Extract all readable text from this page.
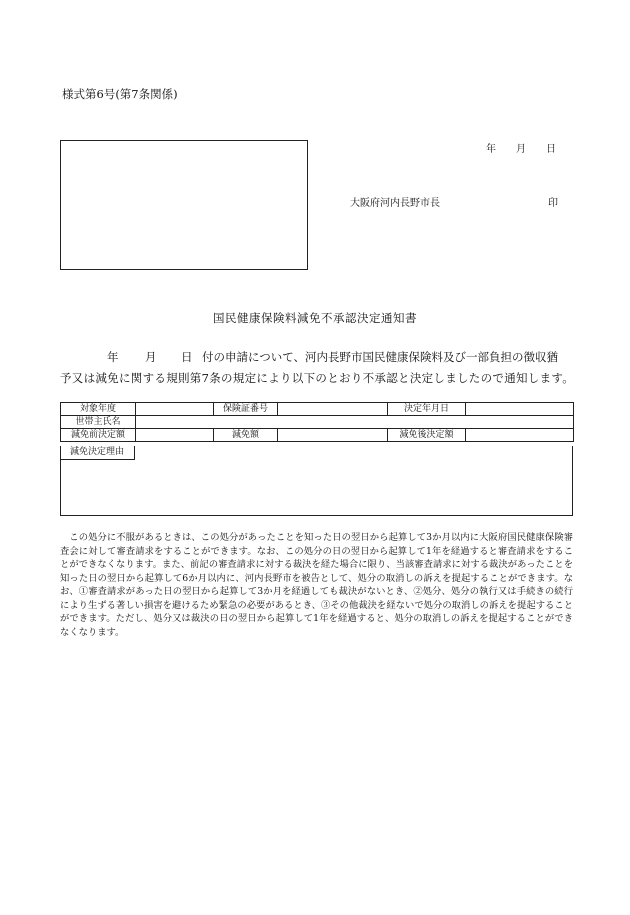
様式第6号(第7条関係)
年 月 日
大阪府河内長野市長	印
国民健康保険料減免不承認決定通知書
年 月 日 付の申請について、河内長野市国民健康保険料及び一部負担の徴収猶
予又は減免に関する規則第7条の規定により以下のとおり不承認と決定しましたので通知します。
対象年度		保険証番号		決定年月日	
世帯主氏名					
減免前決定額		減免額		減免後決定額	
減免決定理由

この処分に不服があるときは、この処分があったことを知った日の翌日から起算して3か月以内に大阪府国民健康保険審査会に対して審査請求をすることができます。なお、この処分の日の翌日から起算して1年を経過すると審査請求をすることができなくなります。また、前記の審査請求に対する裁決を経た場合に限り、当該審査請求に対する裁決があったことを知った日の翌日から起算して6か月以内に、河内長野市を被告として、処分の取消しの訴えを提起することができます。なお、①審査請求があった日の翌日から起算して3か月を経過しても裁決がないとき、②処分、処分の執行又は手続きの続行により生ずる著しい損害を避けるため緊急の必要があるとき、③その他裁決を経ないで処分の取消しの訴えを提起することができます。ただし、処分又は裁決の日の翌日から起算して1年を経過すると、処分の取消しの訴えを提起することができなくなります。
